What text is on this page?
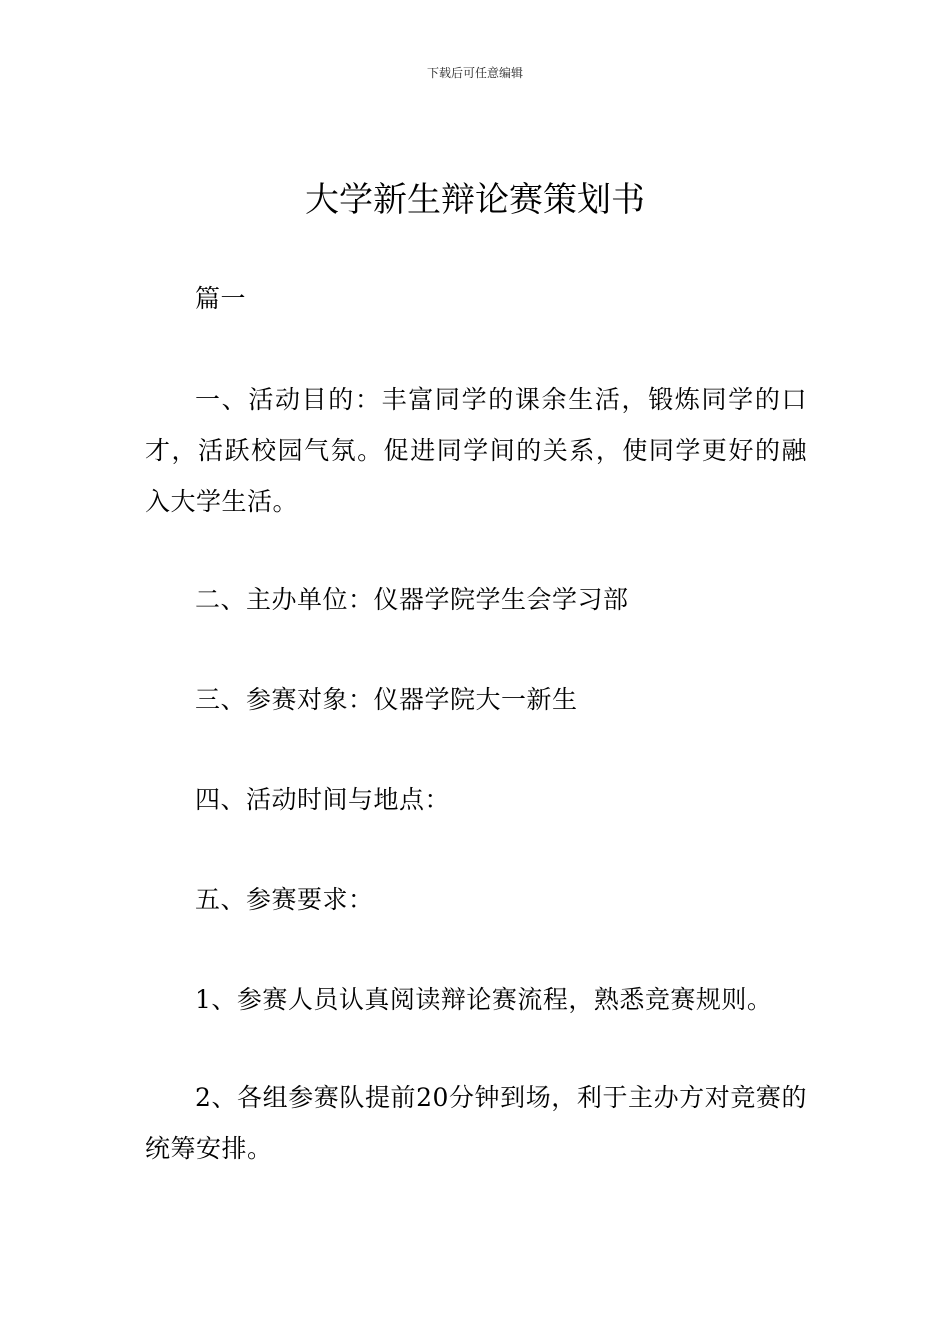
下载后可任意编辑
大学新生辩论赛策划书

篇一

一、活动目的：丰富同学的课余生活，锻炼同学的口才，活跃校园气氛。促进同学间的关系，使同学更好的融入大学生活。

二、主办单位：仪器学院学生会学习部

三、参赛对象：仪器学院大一新生

四、活动时间与地点：

五、参赛要求：

1、参赛人员认真阅读辩论赛流程，熟悉竞赛规则。

2、各组参赛队提前20分钟到场，利于主办方对竞赛的统筹安排。
